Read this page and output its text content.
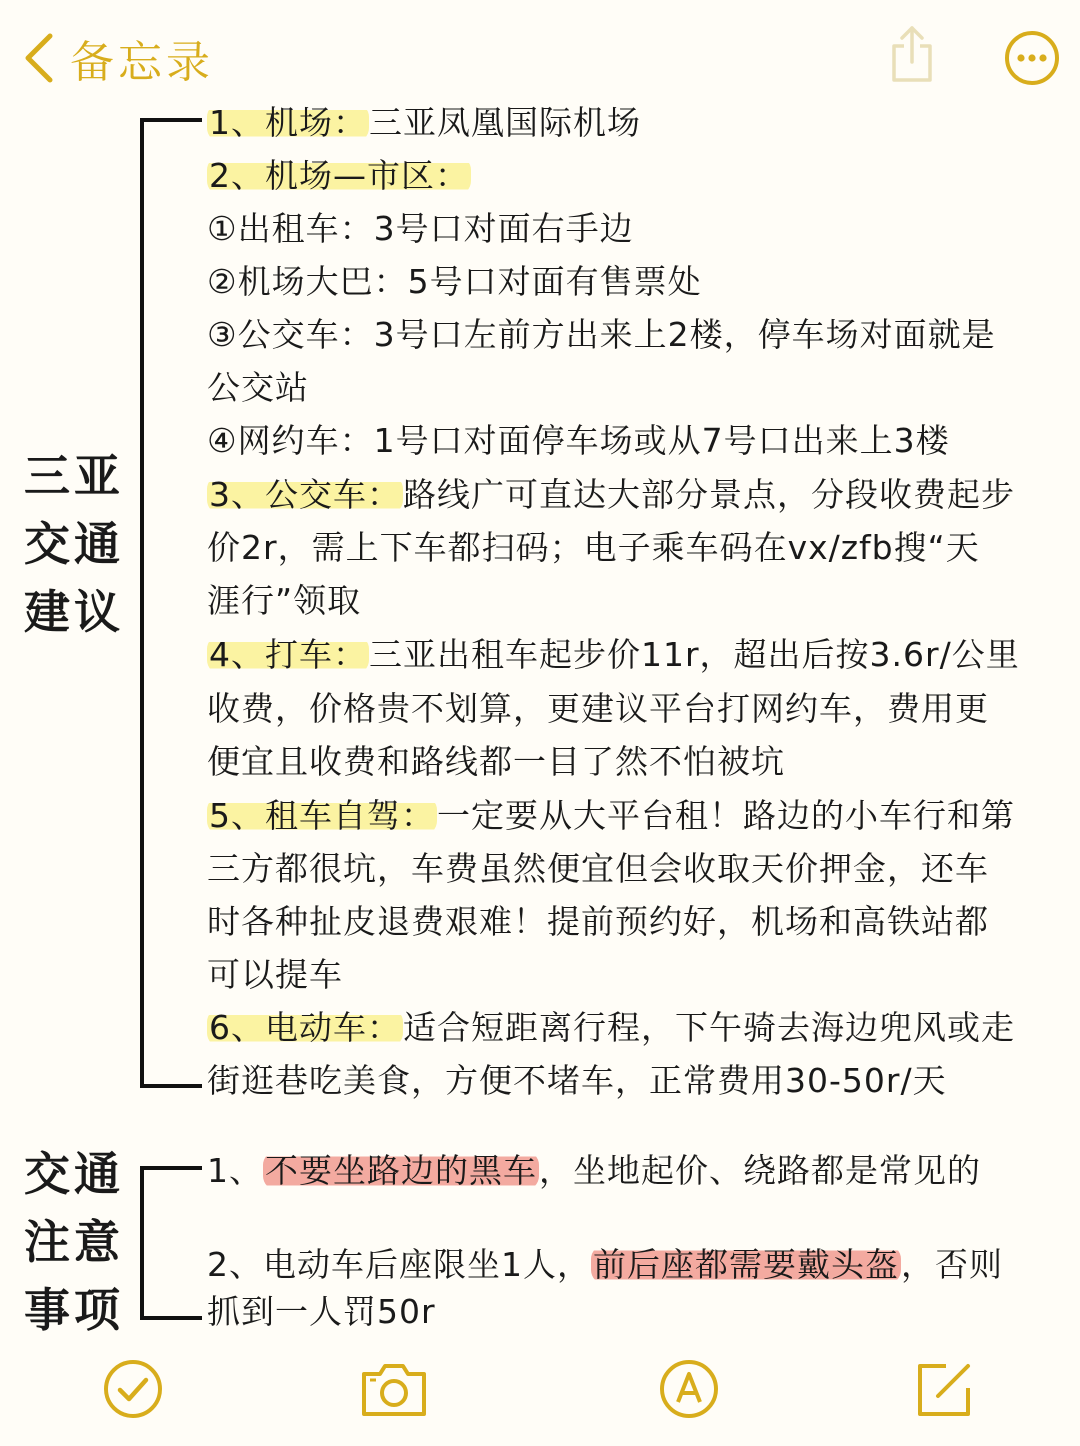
备忘录
三亚
交通
建议
1、机场：三亚凤凰国际机场
2、机场—市区：
①出租车：3号口对面右手边
②机场大巴：5号口对面有售票处
③公交车：3号口左前方出来上2楼，停车场对面就是
公交站
④网约车：1号口对面停车场或从7号口出来上3楼
3、公交车：路线广可直达大部分景点，分段收费起步
价2r，需上下车都扫码；电子乘车码在vx/zfb搜“天
涯行”领取
4、打车：三亚出租车起步价11r，超出后按3.6r/公里
收费，价格贵不划算，更建议平台打网约车，费用更
便宜且收费和路线都一目了然不怕被坑
5、租车自驾：一定要从大平台租！路边的小车行和第
三方都很坑，车费虽然便宜但会收取天价押金，还车
时各种扯皮退费艰难！提前预约好，机场和高铁站都
可以提车
6、电动车：适合短距离行程，下午骑去海边兜风或走
街逛巷吃美食，方便不堵车，正常费用30-50r/天
交通
注意
事项
1、不要坐路边的黑车，坐地起价、绕路都是常见的
2、电动车后座限坐1人，前后座都需要戴头盔，否则
抓到一人罚50r
